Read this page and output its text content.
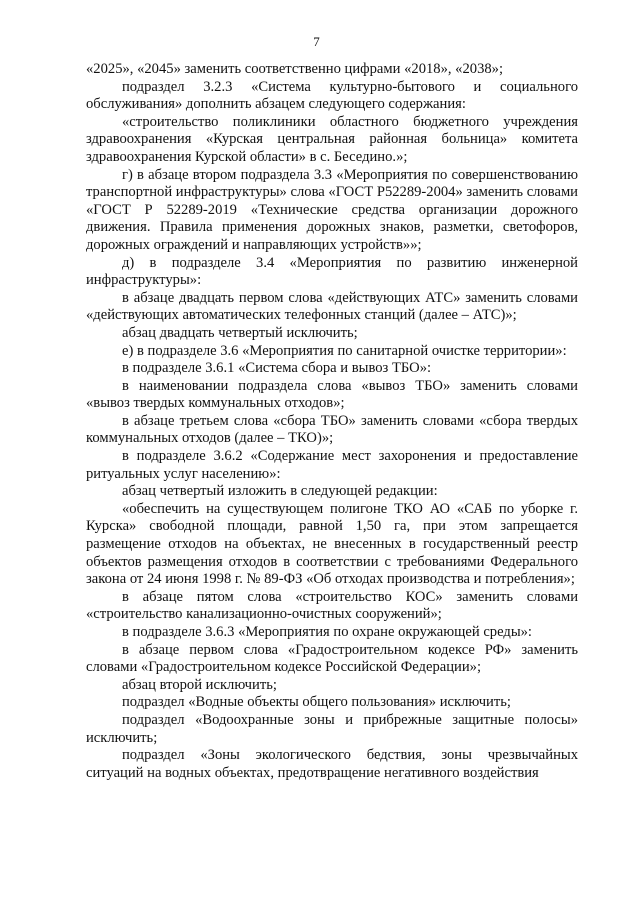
7

«2025», «2045» заменить соответственно цифрами «2018», «2038»;

подраздел 3.2.3 «Система культурно-бытового и социального обслуживания» дополнить абзацем следующего содержания:

«строительство поликлиники областного бюджетного учреждения здравоохранения «Курская центральная районная больница» комитета здравоохранения Курской области» в с. Беседино.»;

г) в абзаце втором подраздела 3.3 «Мероприятия по совершенствованию транспортной инфраструктуры» слова «ГОСТ Р52289-2004» заменить словами «ГОСТ Р 52289-2019 «Технические средства организации дорожного движения. Правила применения дорожных знаков, разметки, светофоров, дорожных ограждений и направляющих устройств»»;

д) в подразделе 3.4 «Мероприятия по развитию инженерной инфраструктуры»:

в абзаце двадцать первом слова «действующих АТС» заменить словами «действующих автоматических телефонных станций (далее – АТС)»;

абзац двадцать четвертый исключить;

е) в подразделе 3.6 «Мероприятия по санитарной очистке территории»:

в подразделе 3.6.1 «Система сбора и вывоз ТБО»:

в наименовании подраздела слова «вывоз ТБО» заменить словами «вывоз твердых коммунальных отходов»;

в абзаце третьем слова «сбора ТБО» заменить словами «сбора твердых коммунальных отходов (далее – ТКО)»;

в подразделе 3.6.2 «Содержание мест захоронения и предоставление ритуальных услуг населению»:

абзац четвертый изложить в следующей редакции:

«обеспечить на существующем полигоне ТКО АО «САБ по уборке г. Курска» свободной площади, равной 1,50 га, при этом запрещается размещение отходов на объектах, не внесенных в государственный реестр объектов размещения отходов в соответствии с требованиями Федерального закона от 24 июня 1998 г. № 89-ФЗ «Об отходах производства и потребления»;

в абзаце пятом слова «строительство КОС» заменить словами «строительство канализационно-очистных сооружений»;

в подразделе 3.6.3 «Мероприятия по охране окружающей среды»:

в абзаце первом слова «Градостроительном кодексе РФ» заменить словами «Градостроительном кодексе Российской Федерации»;

абзац второй исключить;

подраздел «Водные объекты общего пользования» исключить;

подраздел «Водоохранные зоны и прибрежные защитные полосы» исключить;

подраздел «Зоны экологического бедствия, зоны чрезвычайных ситуаций на водных объектах, предотвращение негативного воздействия
